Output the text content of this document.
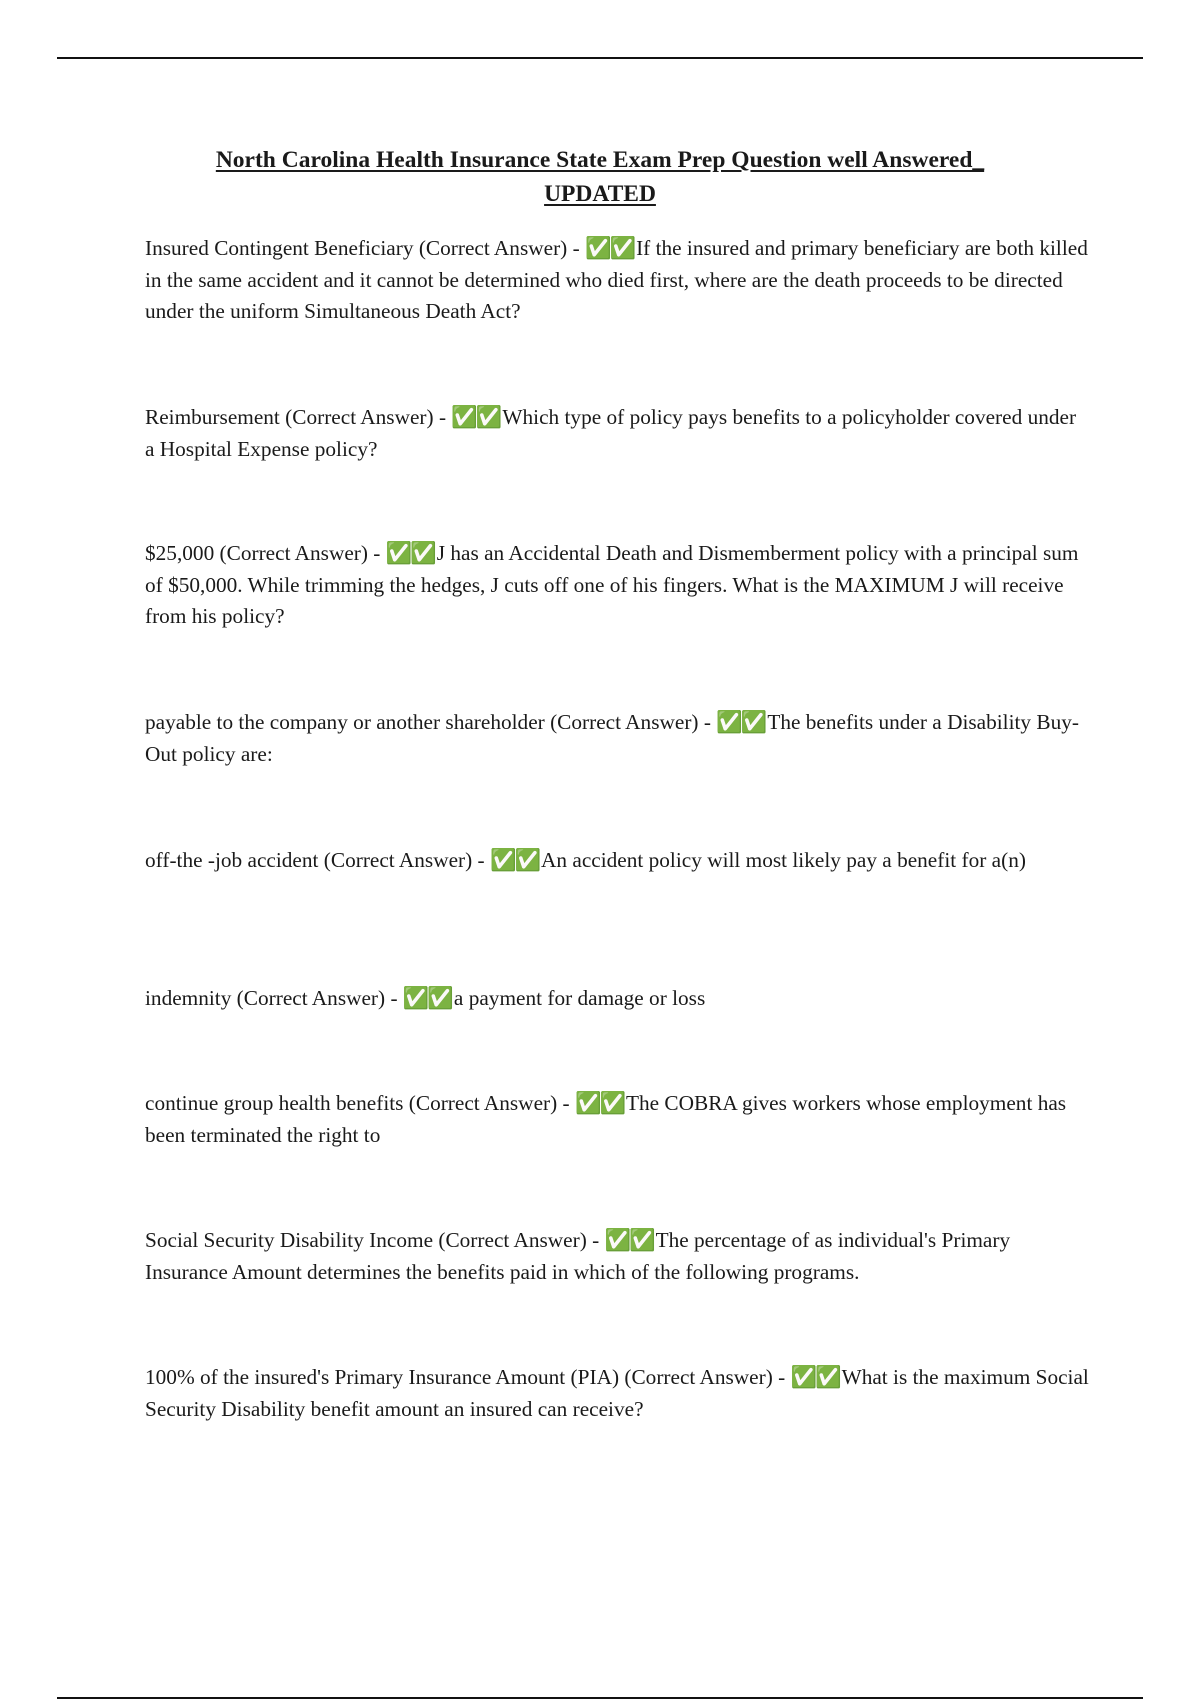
North Carolina Health Insurance State Exam Prep Question well Answered_
UPDATED

Insured Contingent Beneficiary (Correct Answer) - ✅✅If the insured and primary beneficiary are both killed in the same accident and it cannot be determined who died first, where are the death proceeds to be directed under the uniform Simultaneous Death Act?

Reimbursement (Correct Answer) - ✅✅Which type of policy pays benefits to a policyholder covered under a Hospital Expense policy?

$25,000 (Correct Answer) - ✅✅J has an Accidental Death and Dismemberment policy with a principal sum of $50,000. While trimming the hedges, J cuts off one of his fingers. What is the MAXIMUM J will receive from his policy?

payable to the company or another shareholder (Correct Answer) - ✅✅The benefits under a Disability Buy-Out policy are:

off-the -job accident (Correct Answer) - ✅✅An accident policy will most likely pay a benefit for a(n)

indemnity (Correct Answer) - ✅✅a payment for damage or loss

continue group health benefits (Correct Answer) - ✅✅The COBRA gives workers whose employment has been terminated the right to

Social Security Disability Income (Correct Answer) - ✅✅The percentage of as individual's Primary Insurance Amount determines the benefits paid in which of the following programs.

100% of the insured's Primary Insurance Amount (PIA) (Correct Answer) - ✅✅What is the maximum Social Security Disability benefit amount an insured can receive?
